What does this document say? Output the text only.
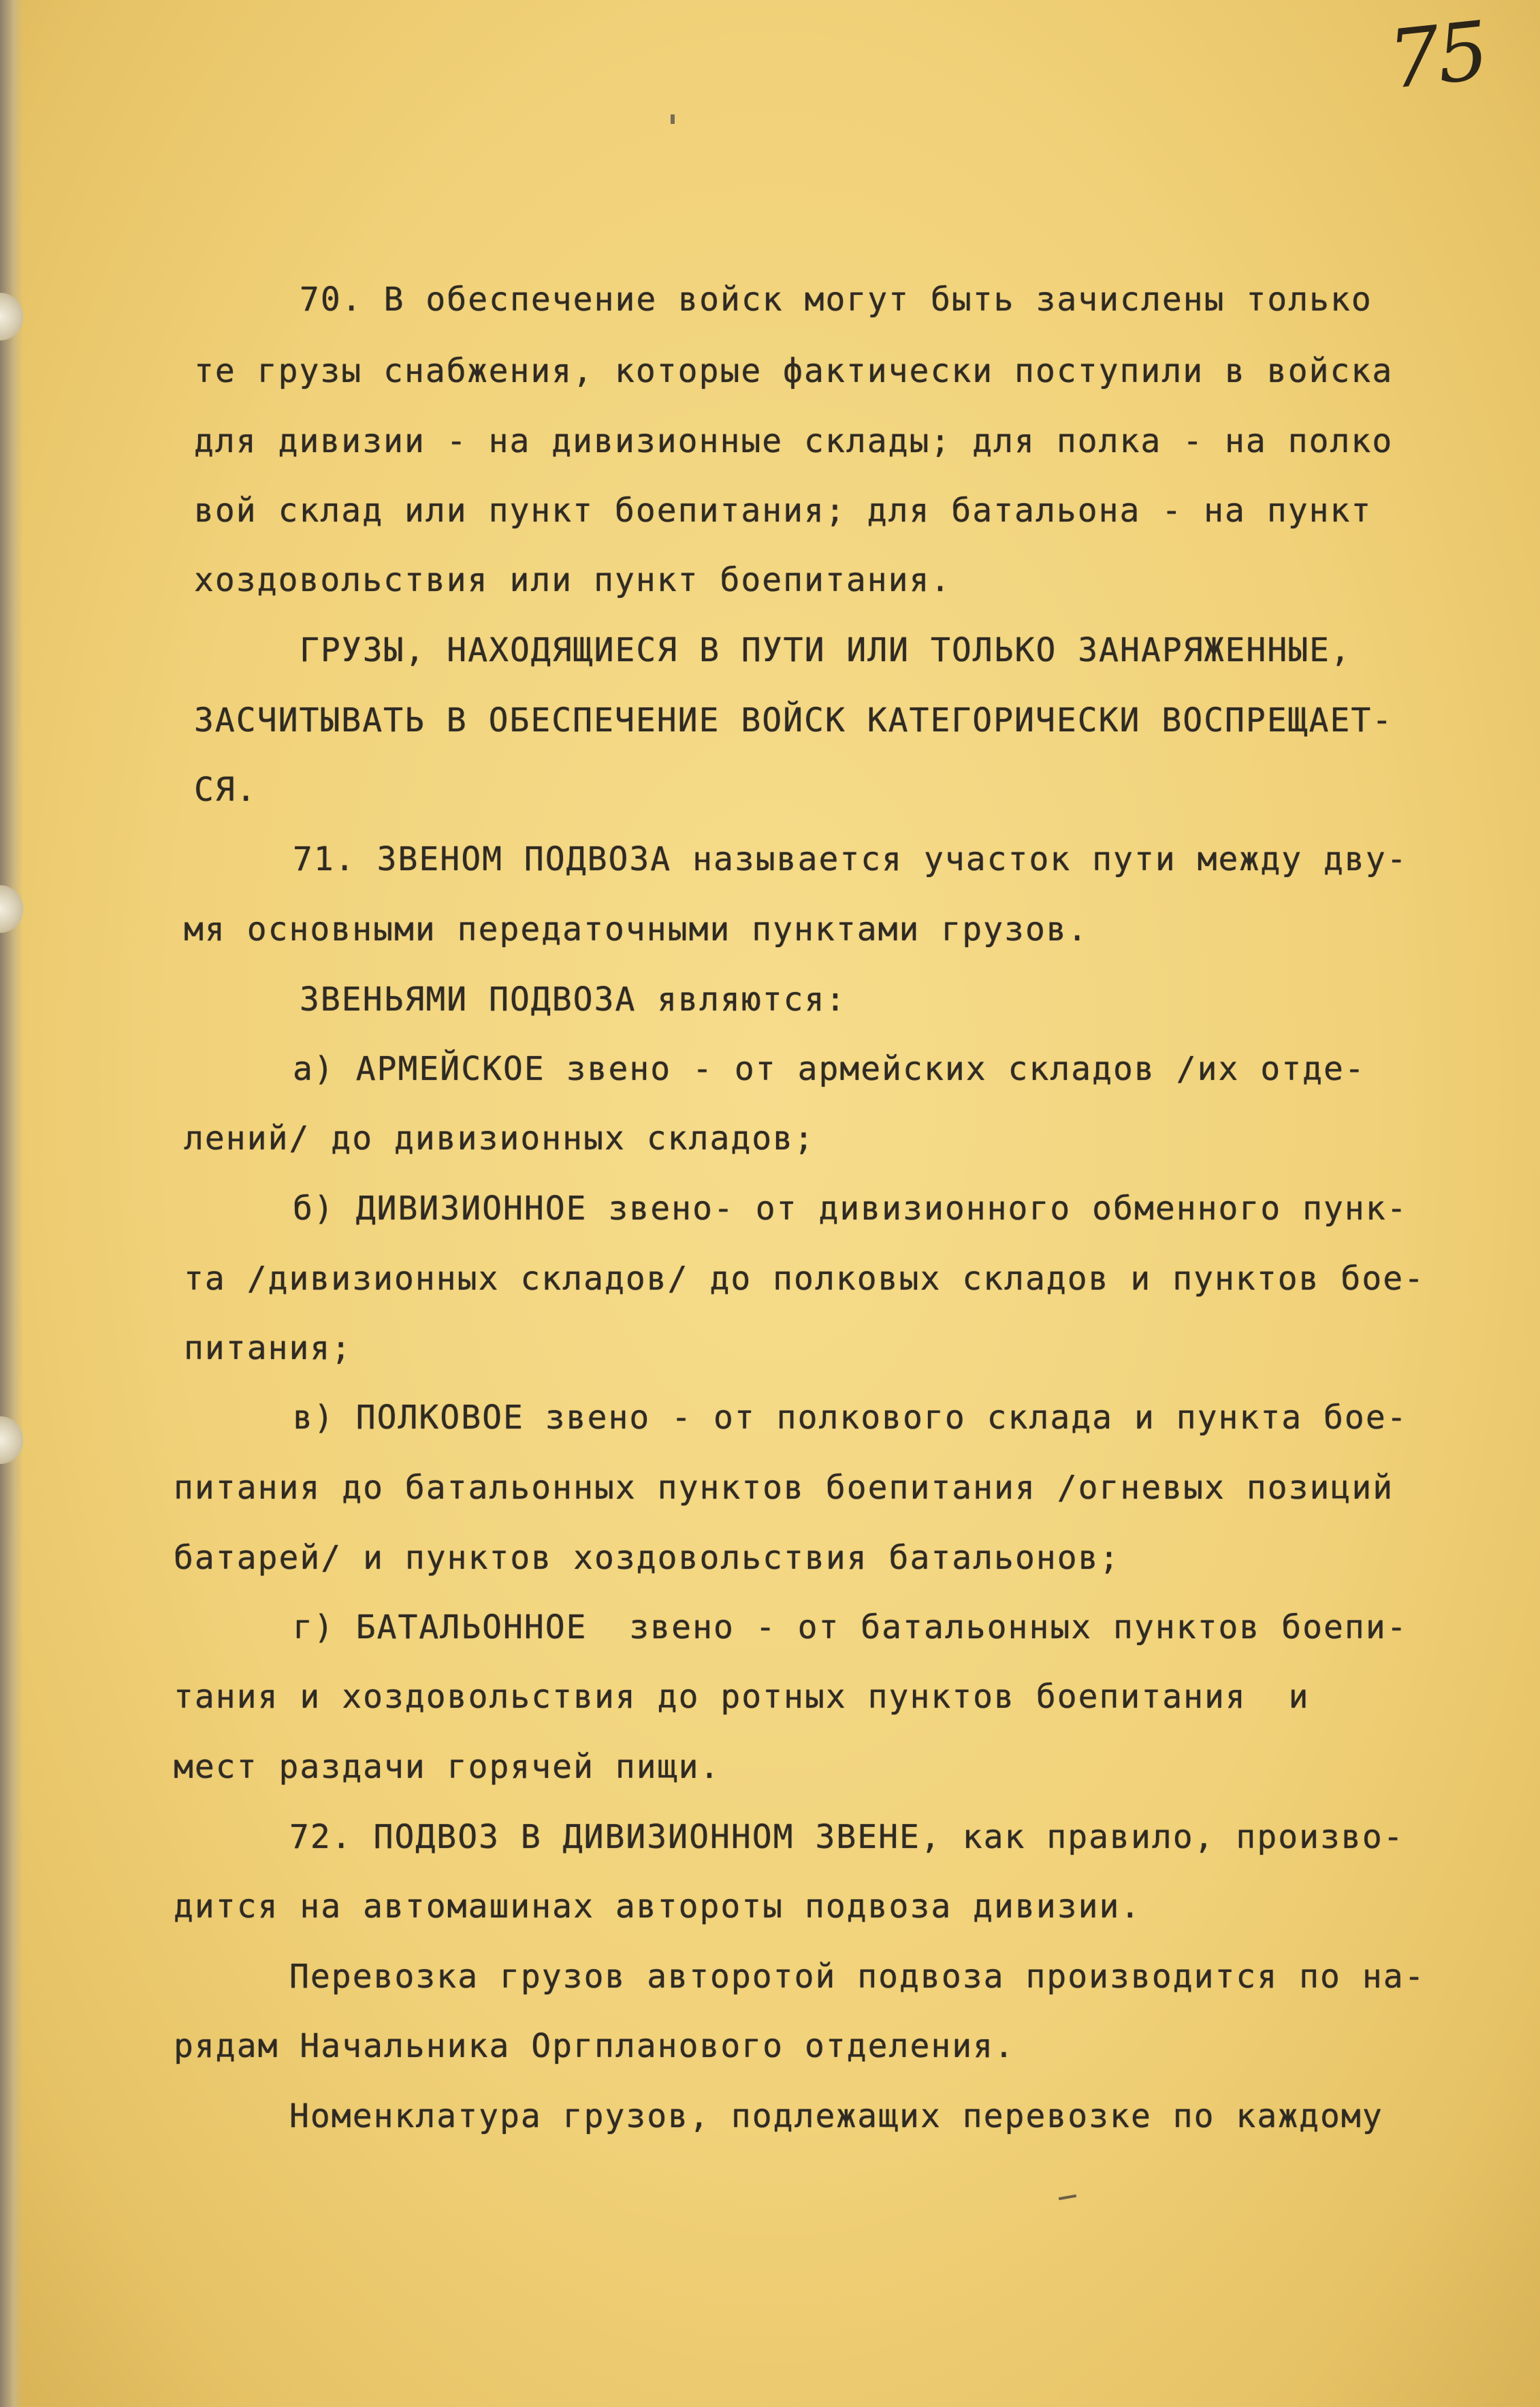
75
70. В обеспечение войск могут быть зачислены только
те грузы снабжения, которые фактически поступили в войска
для дивизии - на дивизионные склады; для полка - на полко
вой склад или пункт боепитания; для батальона - на пункт
хоздовольствия или пункт боепитания.
ГРУЗЫ, НАХОДЯЩИЕСЯ В ПУТИ ИЛИ ТОЛЬКО ЗАНАРЯЖЕННЫЕ,
ЗАСЧИТЫВАТЬ В ОБЕСПЕЧЕНИЕ ВОЙСК КАТЕГОРИЧЕСКИ ВОСПРЕЩАЕТ-
СЯ.
71. ЗВЕНОМ ПОДВОЗА называется участок пути между дву-
мя основными передаточными пунктами грузов.
ЗВЕНЬЯМИ ПОДВОЗА являются:
а) АРМЕЙСКОЕ звено - от армейских складов /их отде-
лений/ до дивизионных складов;
б) ДИВИЗИОННОЕ звено- от дивизионного обменного пунк-
та /дивизионных складов/ до полковых складов и пунктов бое-
питания;
в) ПОЛКОВОЕ звено - от полкового склада и пункта бое-
питания до батальонных пунктов боепитания /огневых позиций
батарей/ и пунктов хоздовольствия батальонов;
г) БАТАЛЬОННОЕ  звено - от батальонных пунктов боепи-
тания и хоздовольствия до ротных пунктов боепитания  и
мест раздачи горячей пищи.
72. ПОДВОЗ В ДИВИЗИОННОМ ЗВЕНЕ, как правило, произво-
дится на автомашинах автороты подвоза дивизии.
Перевозка грузов авторотой подвоза производится по на-
рядам Начальника Оргпланового отделения.
Номенклатура грузов, подлежащих перевозке по каждому
